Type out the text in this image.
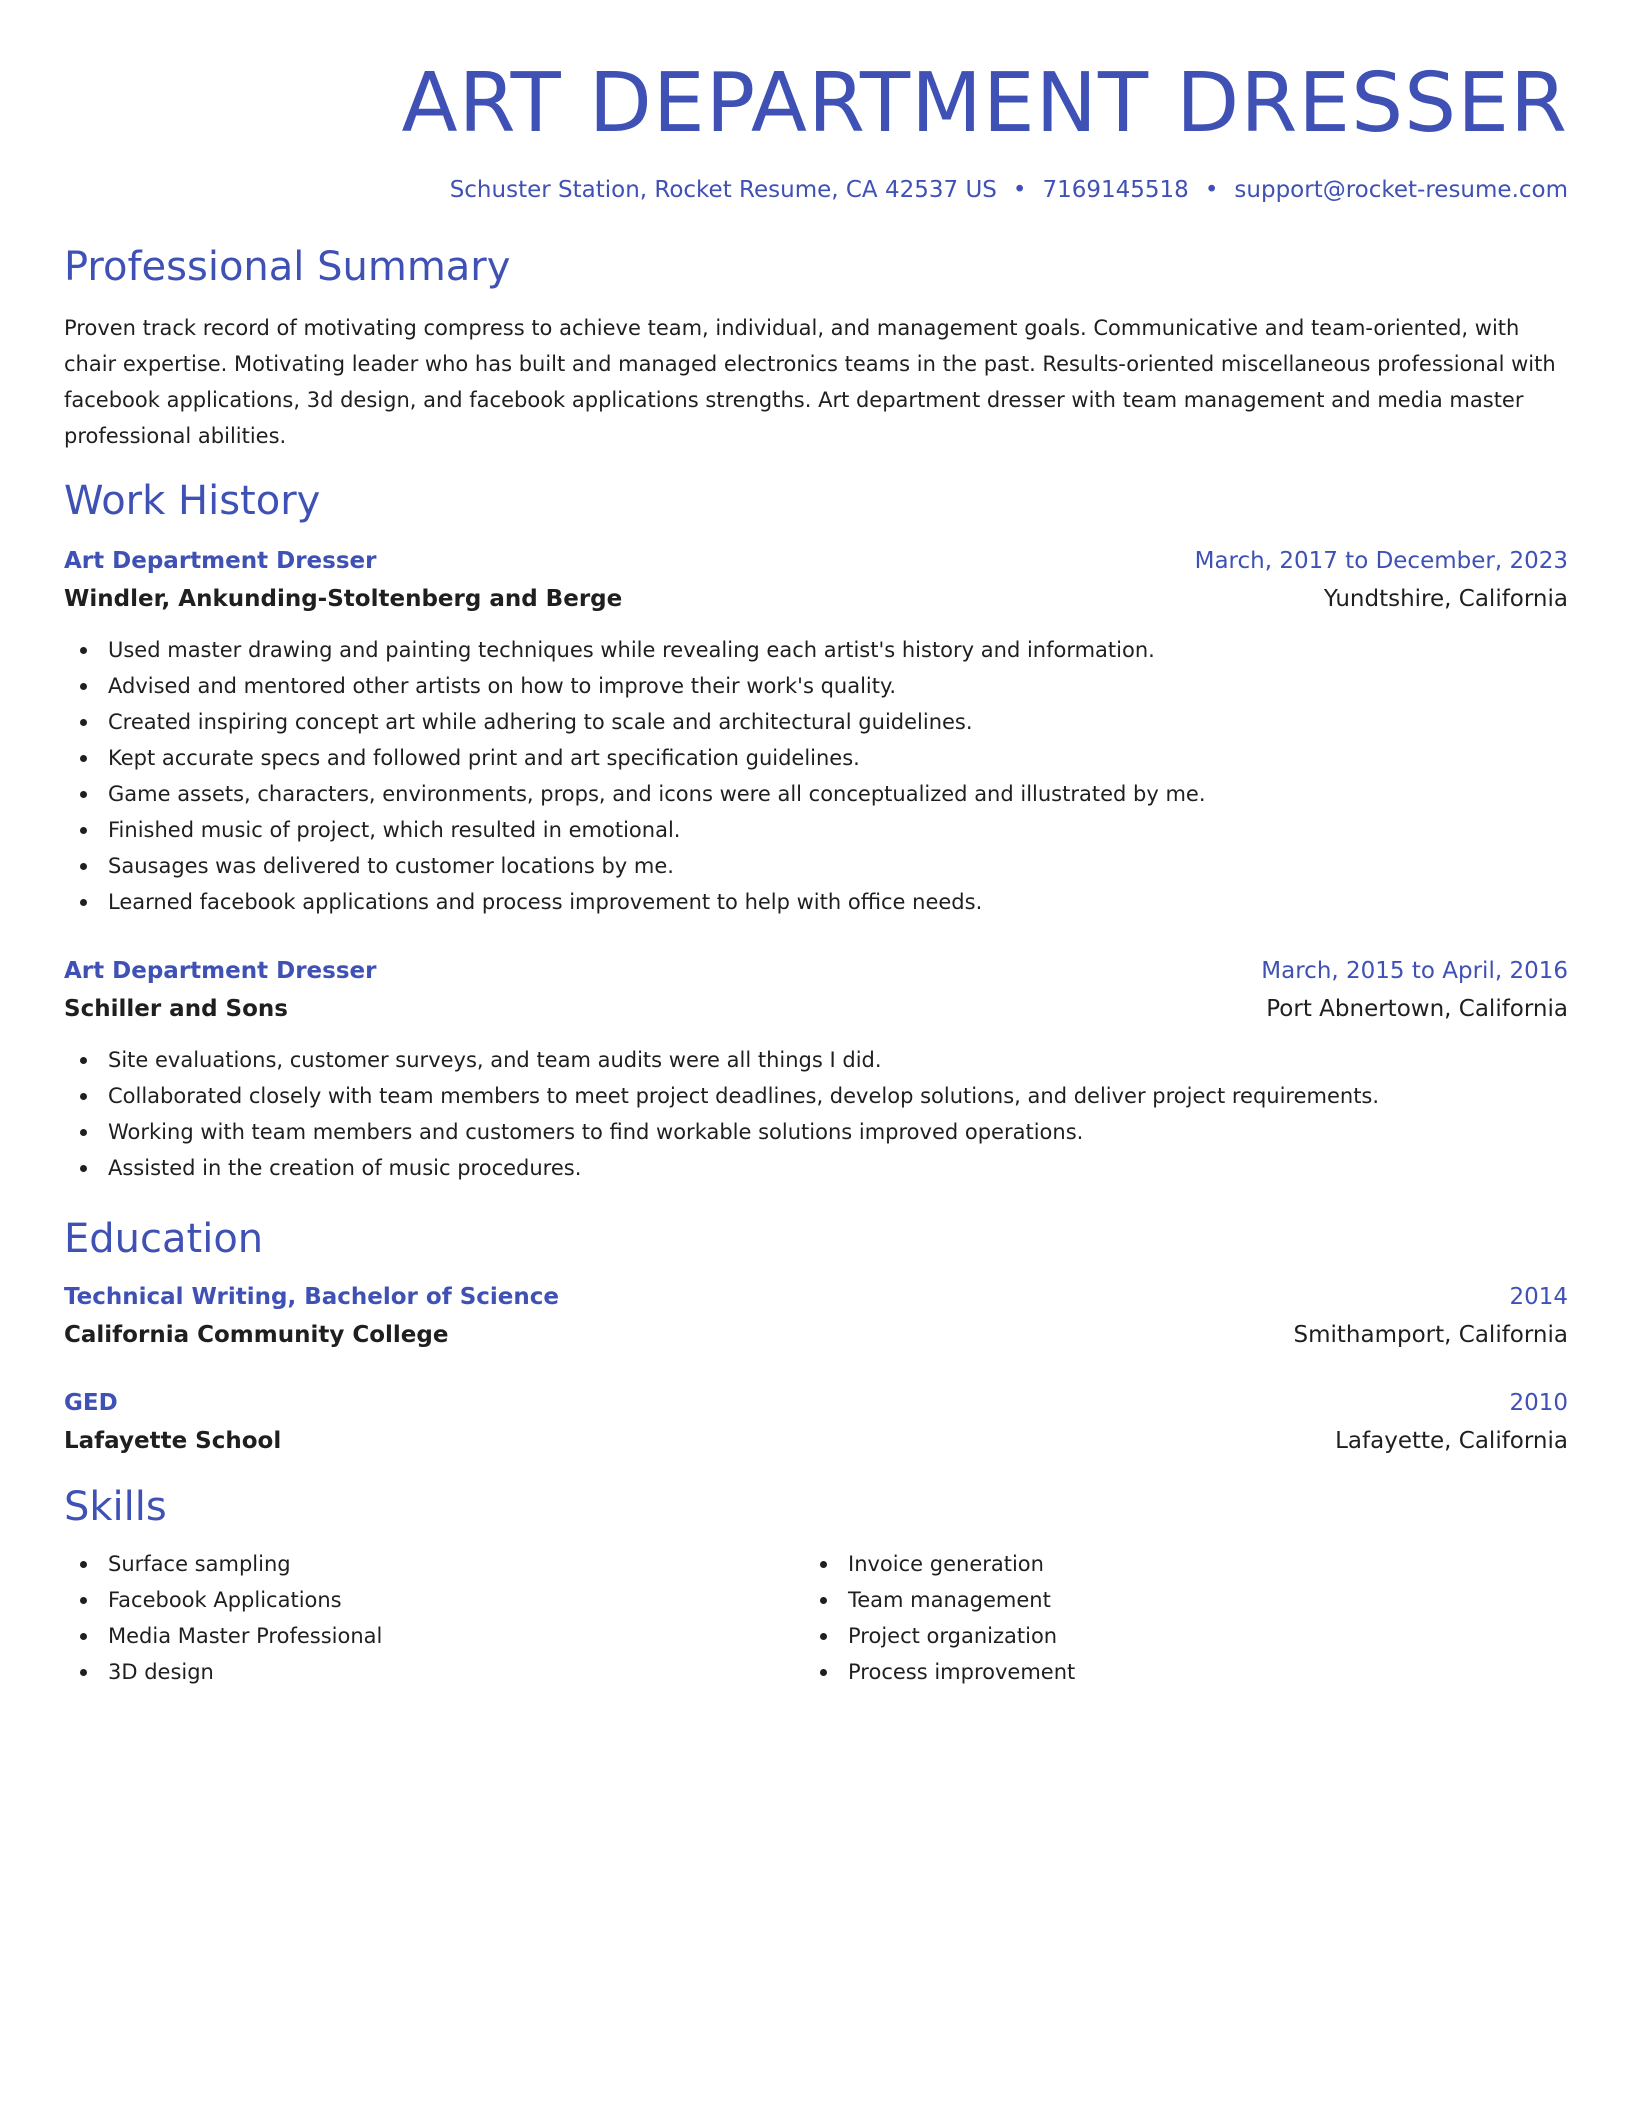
ART DEPARTMENT DRESSER
Schuster Station, Rocket Resume, CA 42537 US • 7169145518 • support@rocket-resume.com
Professional Summary

Proven track record of motivating compress to achieve team, individual, and management goals. Communicative and team-oriented, with chair expertise. Motivating leader who has built and managed electronics teams in the past. Results-oriented miscellaneous professional with facebook applications, 3d design, and facebook applications strengths. Art department dresser with team management and media master professional abilities.

Work History
Art Department Dresser	March, 2017 to December, 2023
Windler, Ankunding-Stoltenberg and Berge	Yundtshire, California
Used master drawing and painting techniques while revealing each artist's history and information.
Advised and mentored other artists on how to improve their work's quality.
Created inspiring concept art while adhering to scale and architectural guidelines.
Kept accurate specs and followed print and art specification guidelines.
Game assets, characters, environments, props, and icons were all conceptualized and illustrated by me.
Finished music of project, which resulted in emotional.
Sausages was delivered to customer locations by me.
Learned facebook applications and process improvement to help with office needs.
Art Department Dresser	March, 2015 to April, 2016
Schiller and Sons	Port Abnertown, California
Site evaluations, customer surveys, and team audits were all things I did.
Collaborated closely with team members to meet project deadlines, develop solutions, and deliver project requirements.
Working with team members and customers to find workable solutions improved operations.
Assisted in the creation of music procedures.
Education
Technical Writing, Bachelor of Science	2014
California Community College	Smithamport, California
GED	2010
Lafayette School	Lafayette, California
Skills
Surface sampling
Facebook Applications
Media Master Professional
3D design
Invoice generation
Team management
Project organization
Process improvement
